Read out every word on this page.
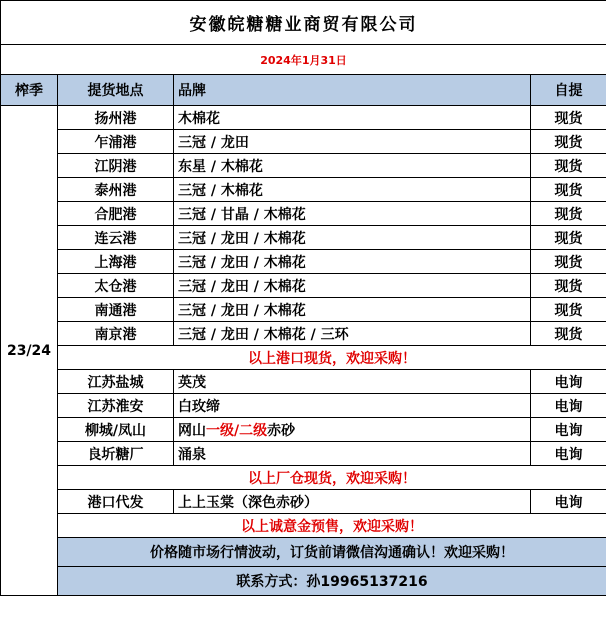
安徽皖糖糖业商贸有限公司			
2024年1月31日			
榨季	提货地点	品牌	自提
23/24	扬州港	木棉花	现货
	乍浦港	三冠 / 龙田	现货
	江阴港	东星 / 木棉花	现货
	泰州港	三冠 / 木棉花	现货
	合肥港	三冠 / 甘晶 / 木棉花	现货
	连云港	三冠 / 龙田 / 木棉花	现货
	上海港	三冠 / 龙田 / 木棉花	现货
	太仓港	三冠 / 龙田 / 木棉花	现货
	南通港	三冠 / 龙田 / 木棉花	现货
	南京港	三冠 / 龙田 / 木棉花 / 三环	现货
	以上港口现货，欢迎采购！		
	江苏盐城	英茂	电询
	江苏淮安	白玫缔	电询
	柳城/凤山	网山一级/二级赤砂	电询
	良圻糖厂	涌泉	电询
	以上厂仓现货，欢迎采购！		
	港口代发	上上玉棠（深色赤砂）	电询
	以上诚意金预售，欢迎采购！		
	价格随市场行情波动，订货前请微信沟通确认！欢迎采购！		
	联系方式：孙19965137216		
